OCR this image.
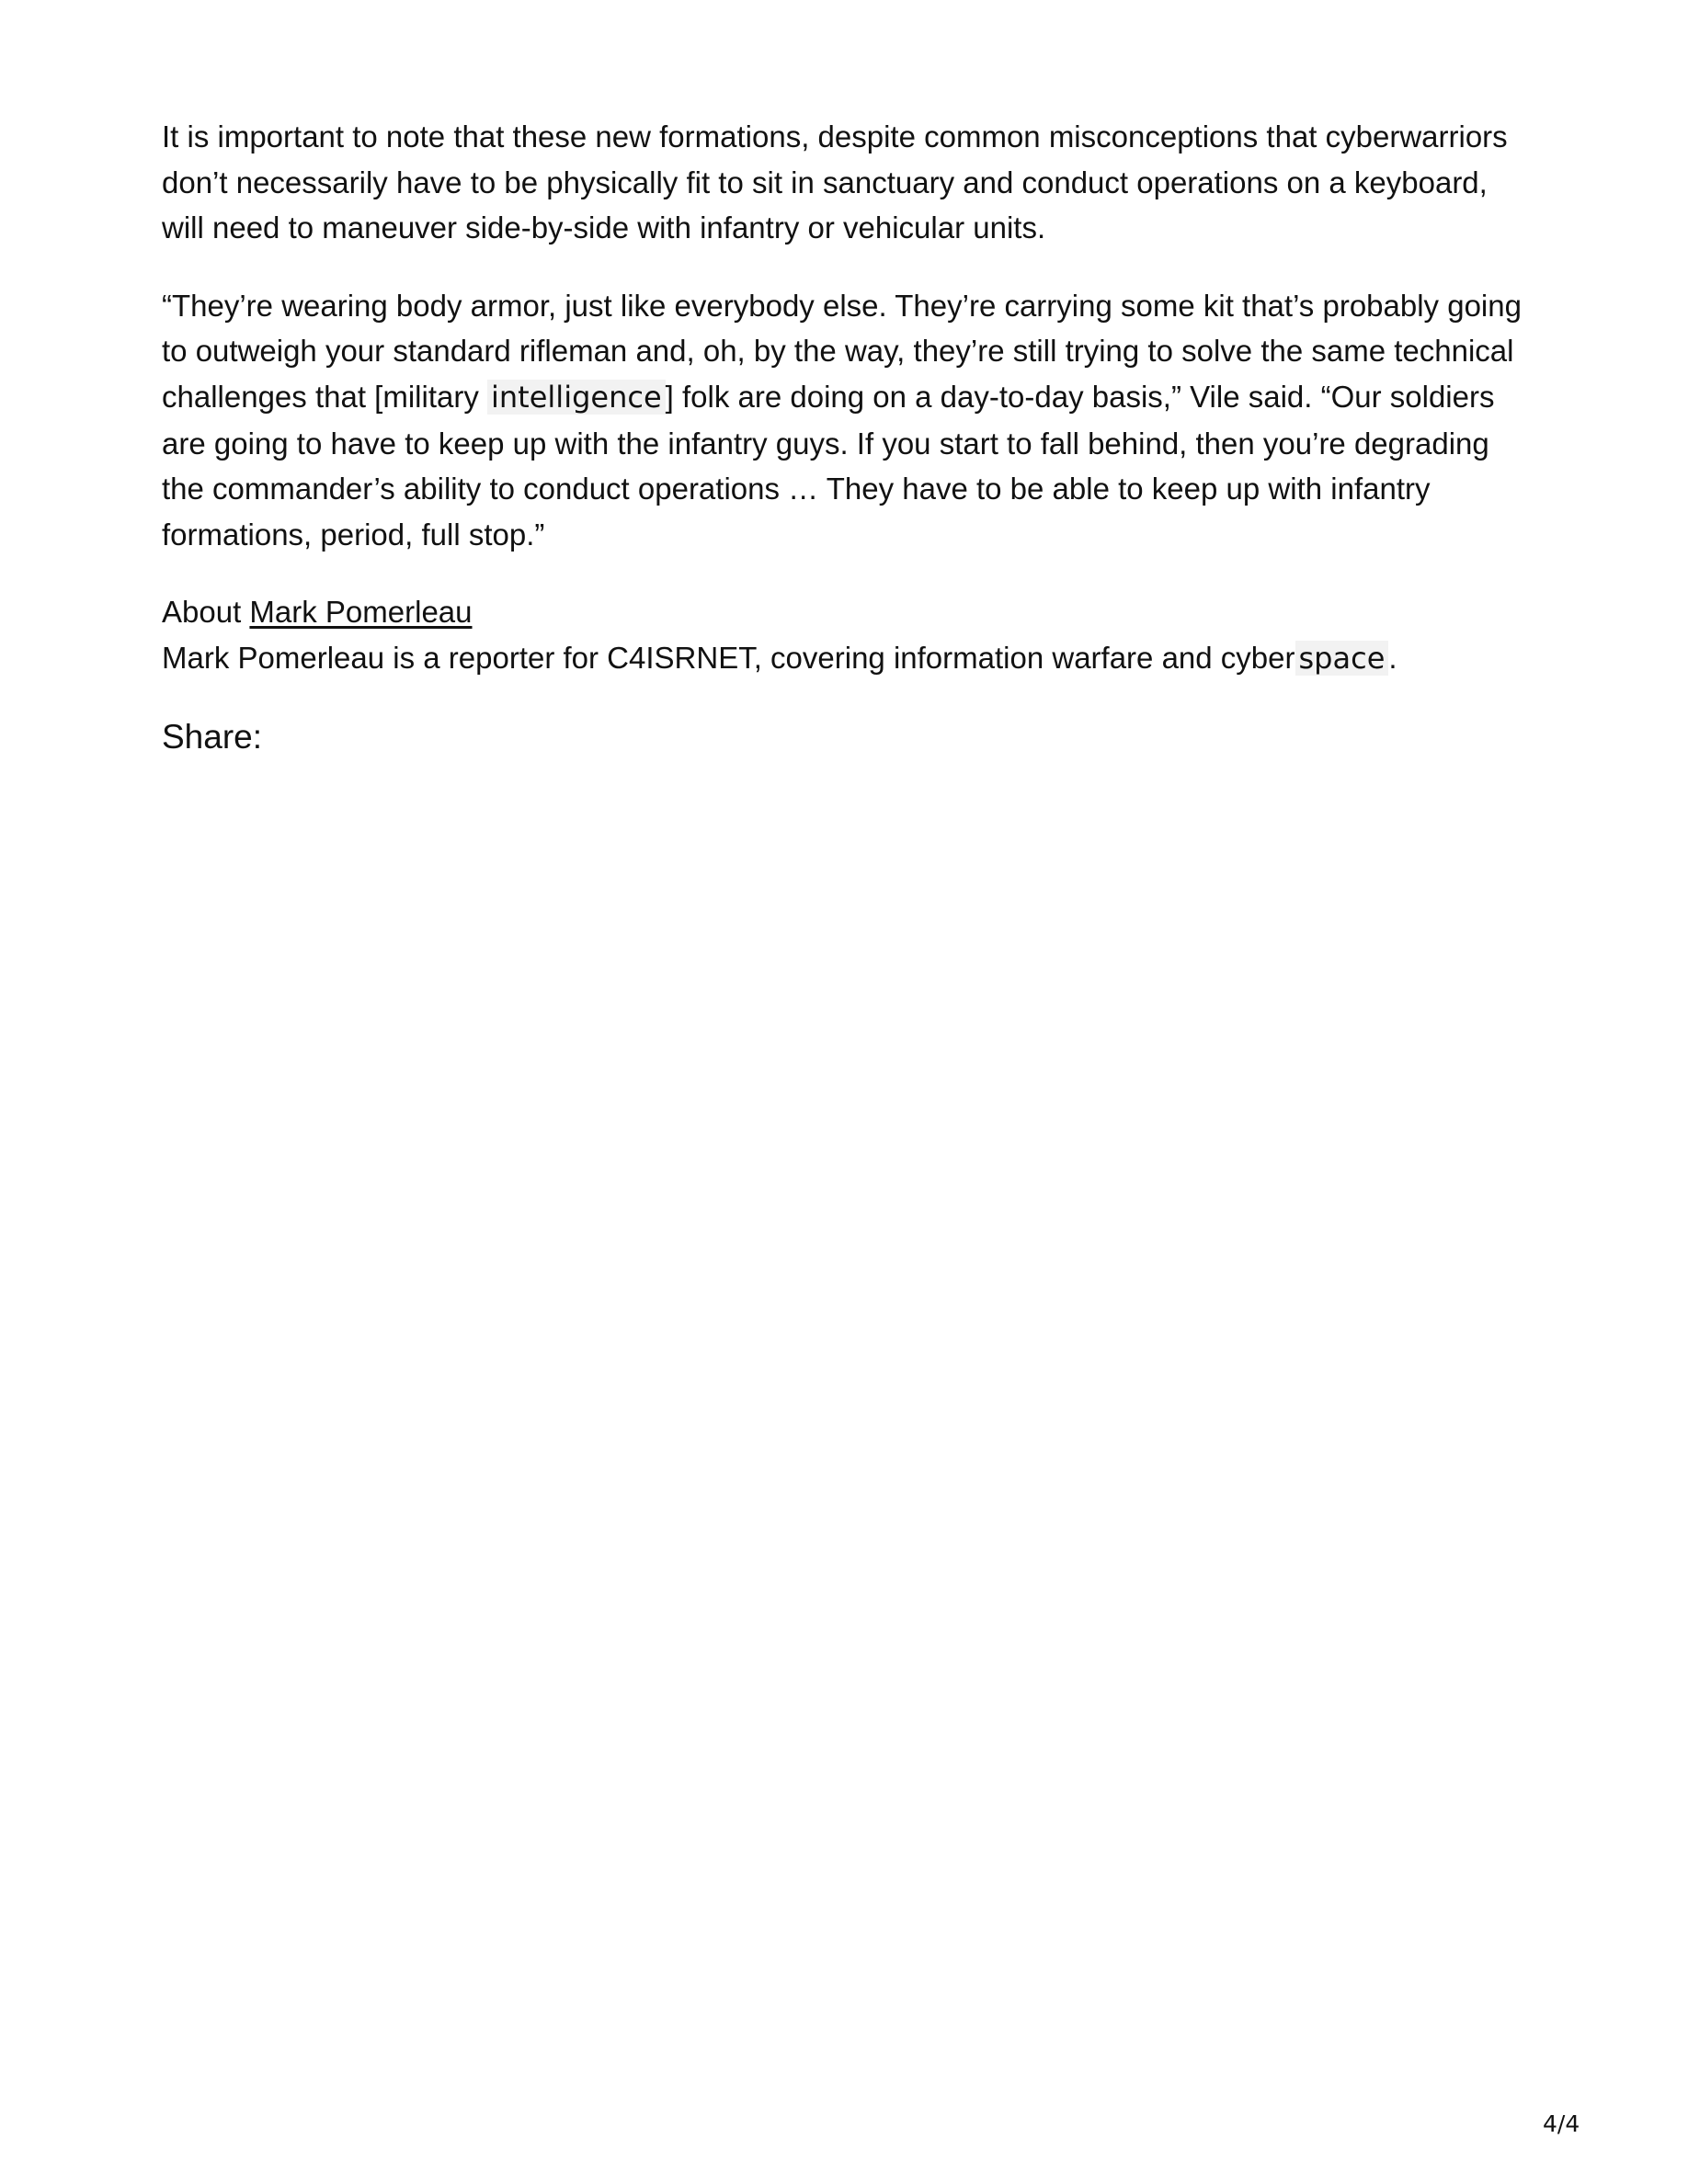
It is important to note that these new formations, despite common misconceptions that cyberwarriors don’t necessarily have to be physically fit to sit in sanctuary and conduct operations on a keyboard, will need to maneuver side-by-side with infantry or vehicular units.

“They’re wearing body armor, just like everybody else. They’re carrying some kit that’s probably going to outweigh your standard rifleman and, oh, by the way, they’re still trying to solve the same technical challenges that [military intelligence ] folk are doing on a day-to-day basis,” Vile said. “Our soldiers are going to have to keep up with the infantry guys. If you start to fall behind, then you’re degrading the commander’s ability to conduct operations … They have to be able to keep up with infantry formations, period, full stop.”

About Mark Pomerleau

Mark Pomerleau is a reporter for C4ISRNET, covering information warfare and cyber space .

Share:
4/4
